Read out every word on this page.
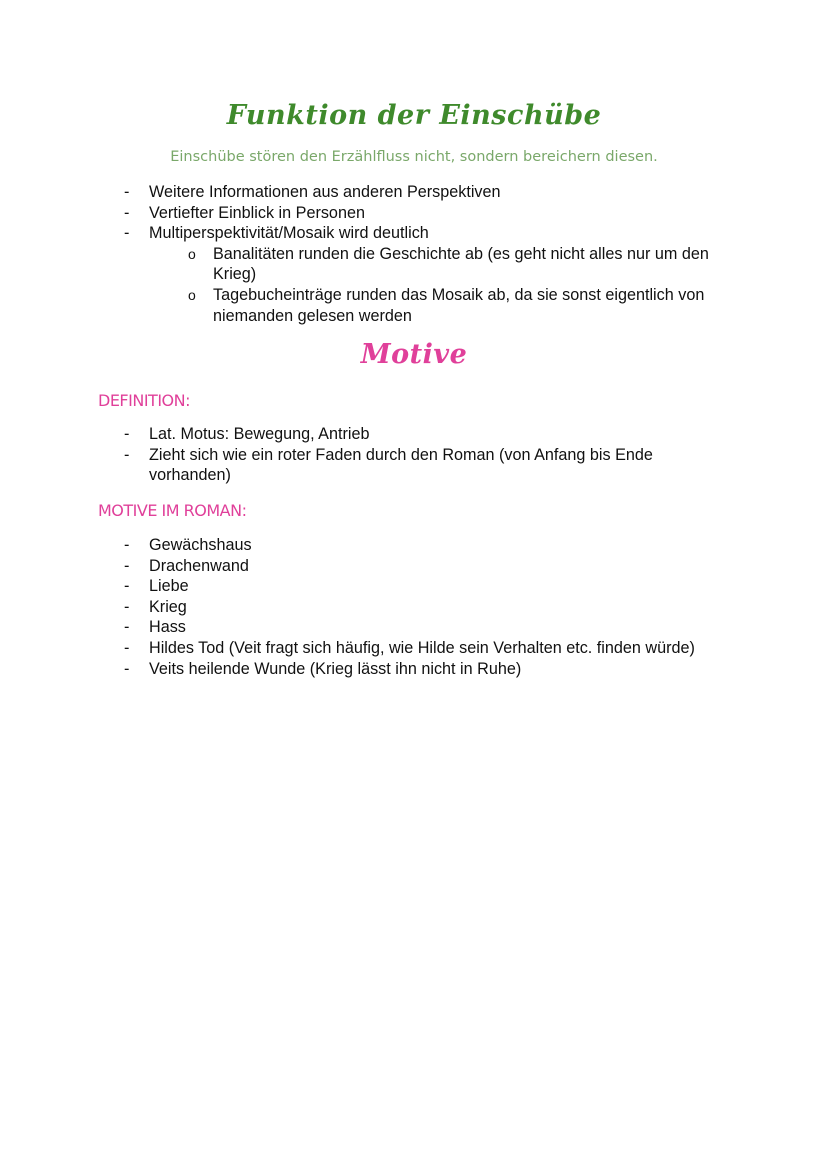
Funktion der Einschübe
Einschübe stören den Erzählfluss nicht, sondern bereichern diesen.
- Weitere Informationen aus anderen Perspektiven
- Vertiefter Einblick in Personen
- Multiperspektivität/Mosaik wird deutlich
o Banalitäten runden die Geschichte ab (es geht nicht alles nur um den Krieg)
o Tagebucheinträge runden das Mosaik ab, da sie sonst eigentlich von niemanden gelesen werden
Motive
DEFINITION:
- Lat. Motus: Bewegung, Antrieb
- Zieht sich wie ein roter Faden durch den Roman (von Anfang bis Ende vorhanden)
MOTIVE IM ROMAN:
- Gewächshaus
- Drachenwand
- Liebe
- Krieg
- Hass
- Hildes Tod (Veit fragt sich häufig, wie Hilde sein Verhalten etc. finden würde)
- Veits heilende Wunde (Krieg lässt ihn nicht in Ruhe)
